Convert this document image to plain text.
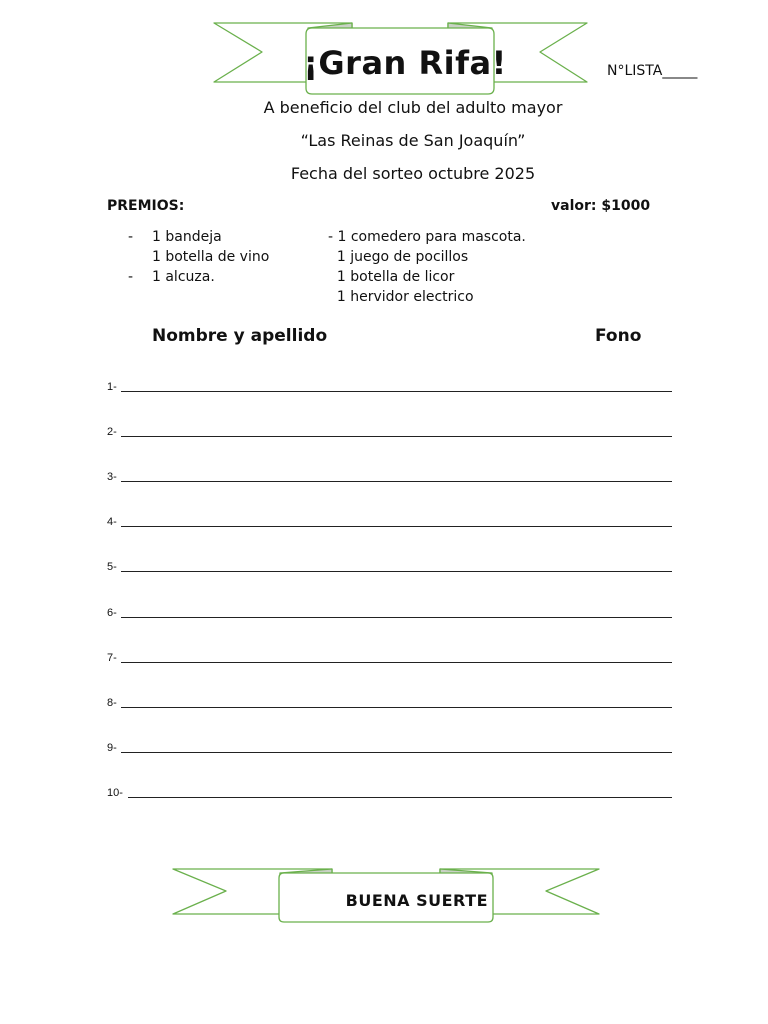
¡Gran Rifa!	N°LISTA_____
A beneficio del club del adulto mayor
“Las Reinas de San Joaquín”
Fecha del sorteo octubre 2025
PREMIOS:	valor: $1000
- 1 bandeja
1 botella de vino
- 1 alcuza.
- 1 comedero para mascota.
1 juego de pocillos
1 botella de licor
1 hervidor electrico
Nombre y apellido	Fono
1-
2-
3-
4-
5-
6-
7-
8-
9-
10-
BUENA SUERTE
